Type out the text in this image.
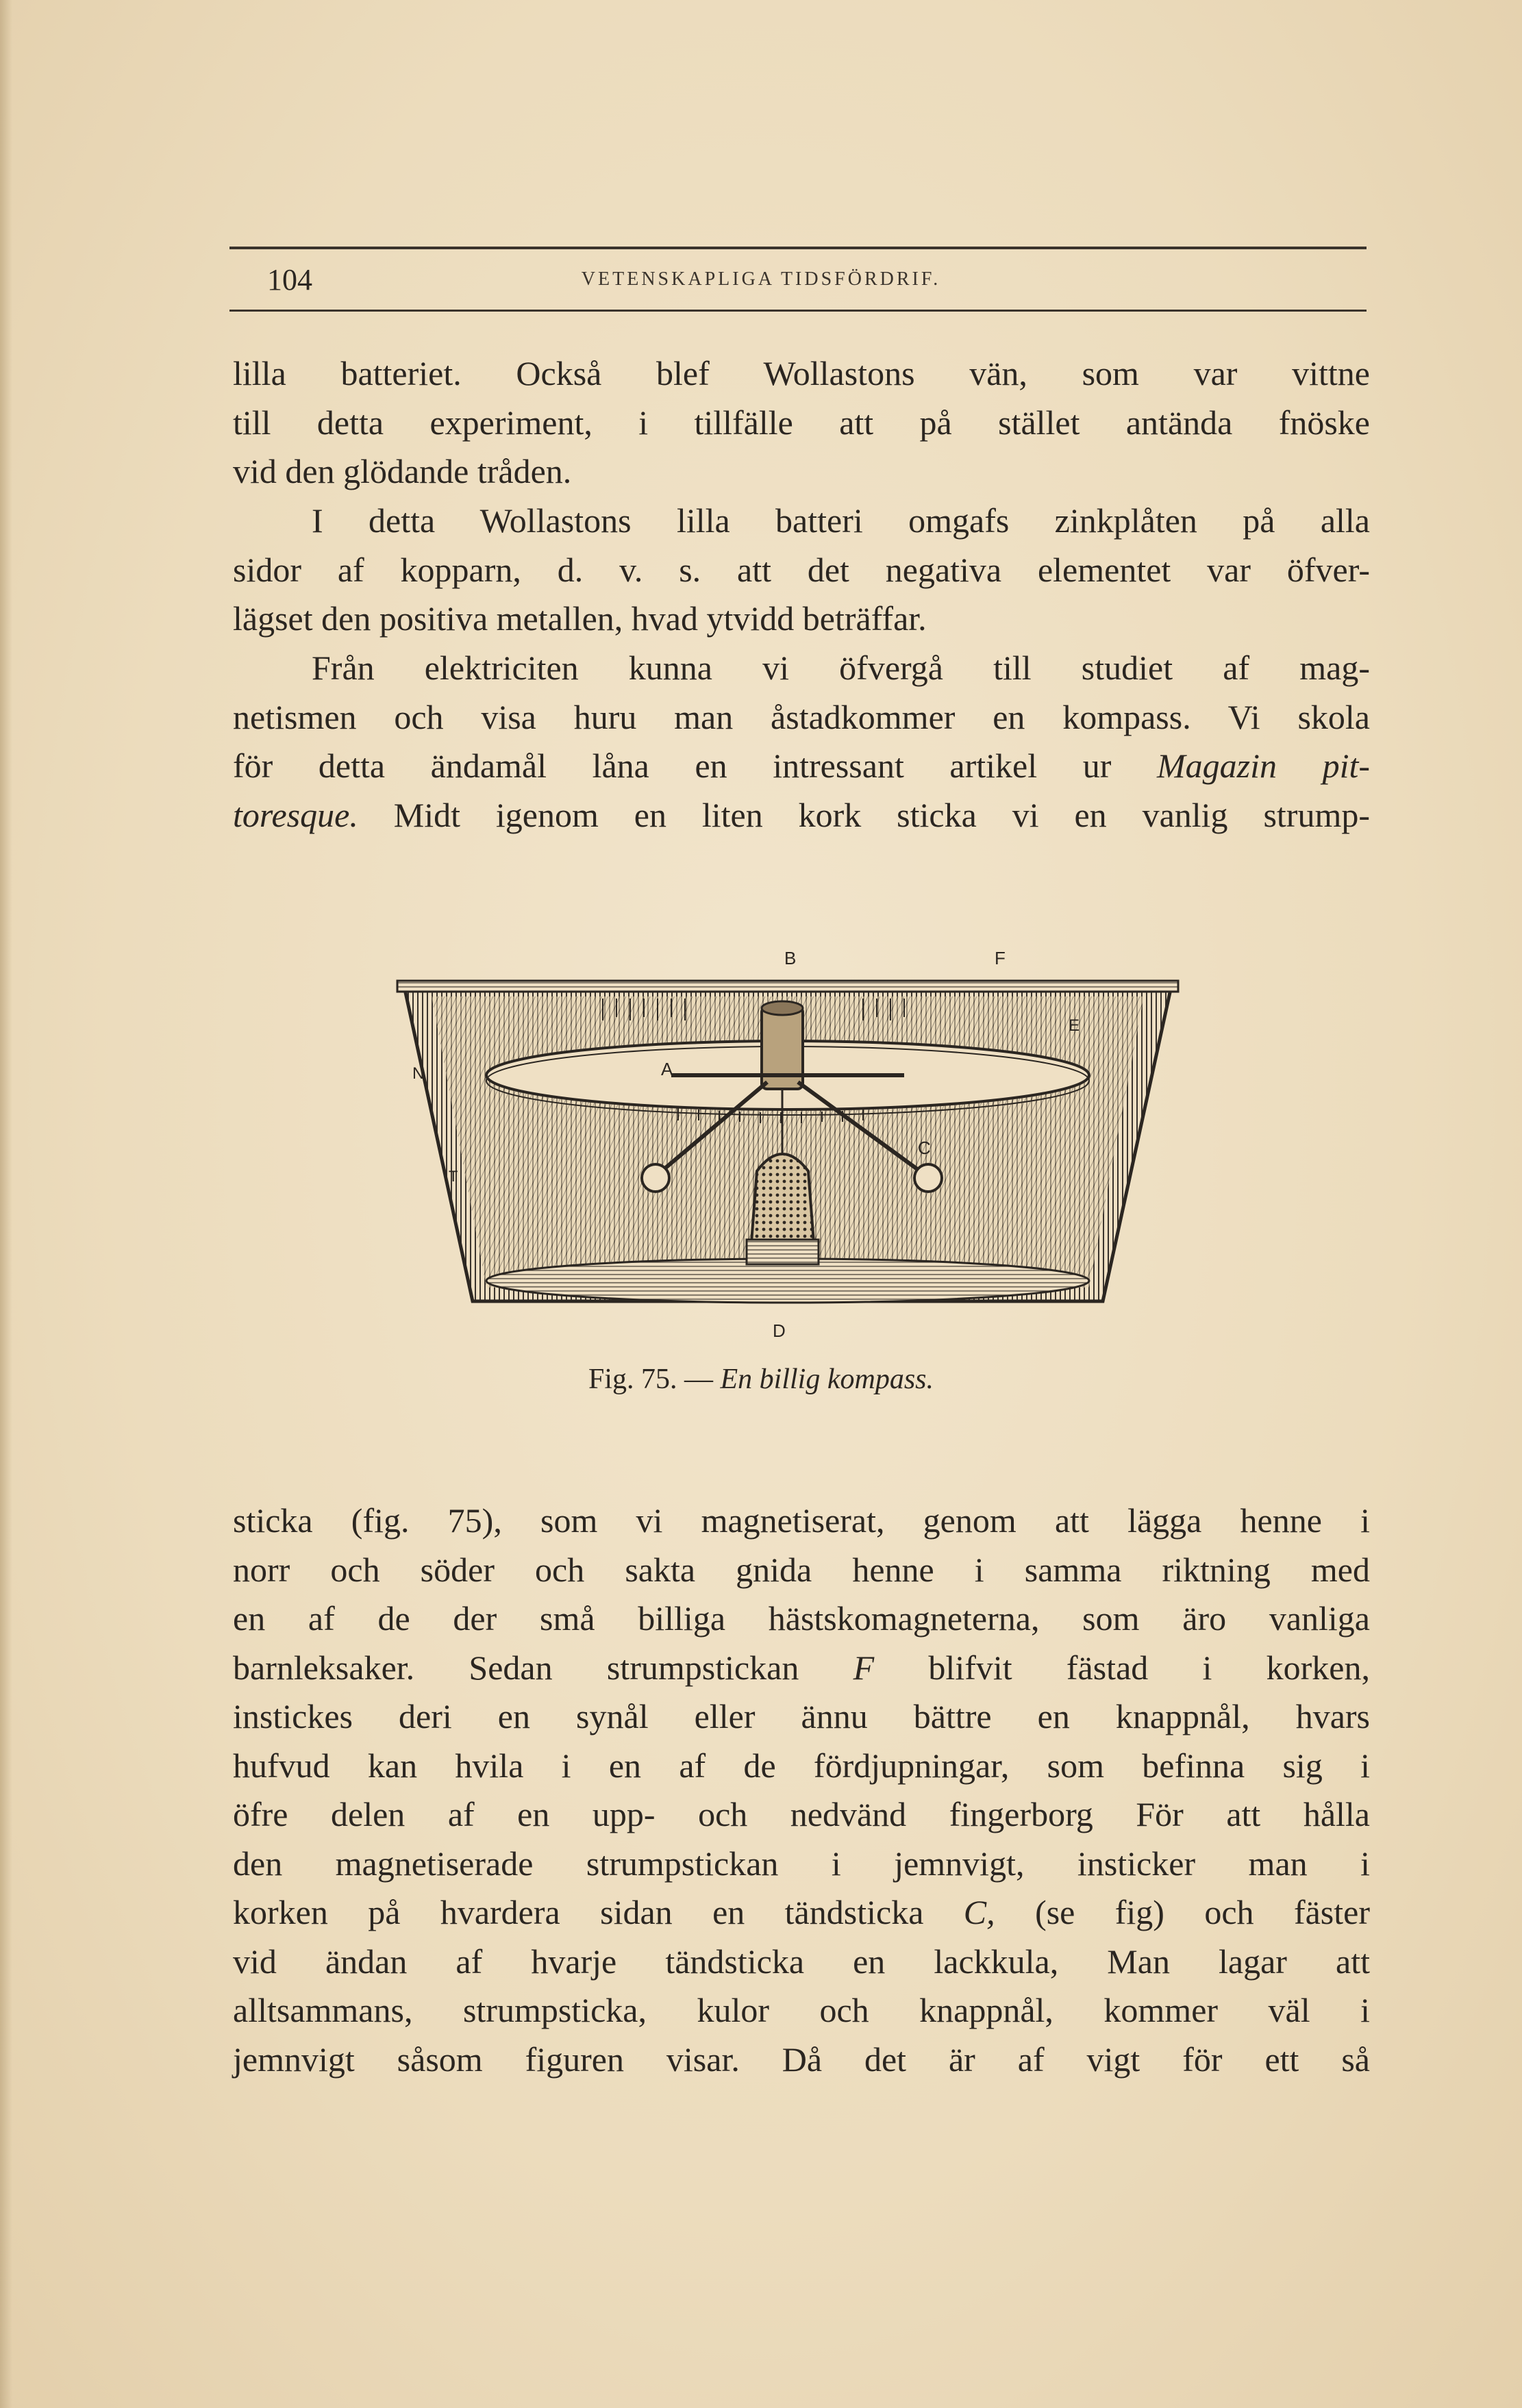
104	VETENSKAPLIGA TIDSFÖRDRIF.
lilla batteriet. Också blef Wollastons vän, som var vittne
till detta experiment, i tillfälle att på stället antända fnöske
vid den glödande tråden.
I detta Wollastons lilla batteri omgafs zinkplåten på alla
sidor af kopparn, d. v. s. att det negativa elementet var öfver-
lägset den positiva metallen, hvad ytvidd beträffar.
Från elektriciten kunna vi öfvergå till studiet af mag-
netismen och visa huru man åstadkommer en kompass. Vi skola
för detta ändamål låna en intressant artikel ur Magazin pit-
toresque. Midt igenom en liten kork sticka vi en vanlig strump-
B	F
E
N	A
T
C
D
Fig. 75. — En billig kompass.
sticka (fig. 75), som vi magnetiserat, genom att lägga henne i
norr och söder och sakta gnida henne i samma riktning med
en af de der små billiga hästskomagneterna, som äro vanliga
barnleksaker. Sedan strumpstickan F blifvit fästad i korken,
instickes deri en synål eller ännu bättre en knappnål, hvars
hufvud kan hvila i en af de fördjupningar, som befinna sig i
öfre delen af en upp- och nedvänd fingerborg För att hålla
den magnetiserade strumpstickan i jemnvigt, insticker man i
korken på hvardera sidan en tändsticka C, (se fig) och fäster
vid ändan af hvarje tändsticka en lackkula, Man lagar att
alltsammans, strumpsticka, kulor och knappnål, kommer väl i
jemnvigt såsom figuren visar. Då det är af vigt för ett så
